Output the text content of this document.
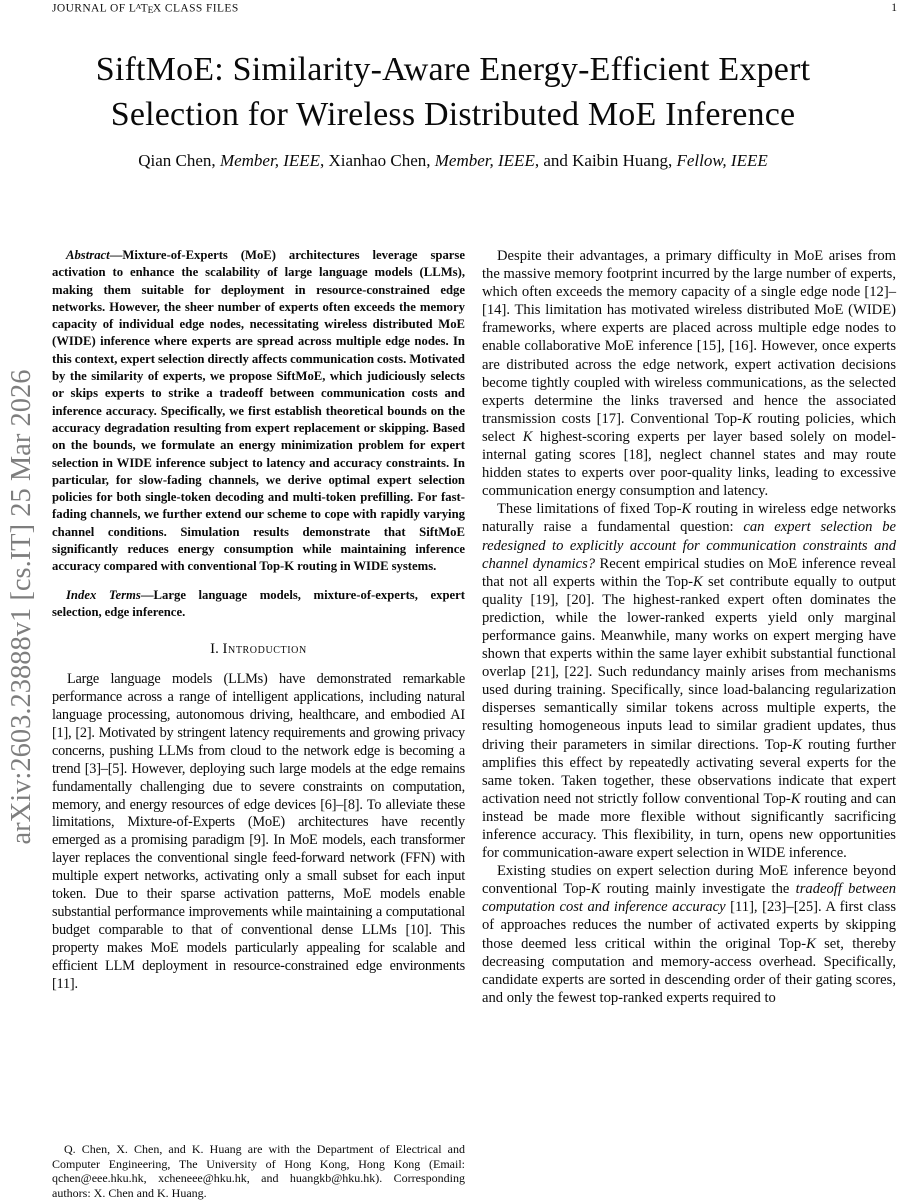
JOURNAL OF $L^ATEX$ CLASS FILES	1
arXiv:2603.23888v1 [cs.IT] 25 Mar 2026
SiftMoE: Similarity-Aware Energy-Efficient Expert
Selection for Wireless Distributed MoE Inference
Qian Chen, Member, IEEE, Xianhao Chen, Member, IEEE, and Kaibin Huang, Fellow, IEEE

Abstract—Mixture-of-Experts (MoE) architectures leverage sparse activation to enhance the scalability of large language models (LLMs), making them suitable for deployment in resource-constrained edge networks. However, the sheer number of experts often exceeds the memory capacity of individual edge nodes, necessitating wireless distributed MoE (WIDE) inference where experts are spread across multiple edge nodes. In this context, expert selection directly affects communication costs. Motivated by the similarity of experts, we propose SiftMoE, which judiciously selects or skips experts to strike a tradeoff between communication costs and inference accuracy. Specifically, we first establish theoretical bounds on the accuracy degradation resulting from expert replacement or skipping. Based on the bounds, we formulate an energy minimization problem for expert selection in WIDE inference subject to latency and accuracy constraints. In particular, for slow-fading channels, we derive optimal expert selection policies for both single-token decoding and multi-token prefilling. For fast-fading channels, we further extend our scheme to cope with rapidly varying channel conditions. Simulation results demonstrate that SiftMoE significantly reduces energy consumption while maintaining inference accuracy compared with conventional Top-K routing in WIDE systems.

Index Terms—Large language models, mixture-of-experts, expert selection, edge inference.

I. Introduction

Large language models (LLMs) have demonstrated remarkable performance across a range of intelligent applications, including natural language processing, autonomous driving, healthcare, and embodied AI [1], [2]. Motivated by stringent latency requirements and growing privacy concerns, pushing LLMs from cloud to the network edge is becoming a trend [3]–[5]. However, deploying such large models at the edge remains fundamentally challenging due to severe constraints on computation, memory, and energy resources of edge devices [6]–[8]. To alleviate these limitations, Mixture-of-Experts (MoE) architectures have recently emerged as a promising paradigm [9]. In MoE models, each transformer layer replaces the conventional single feed-forward network (FFN) with multiple expert networks, activating only a small subset for each input token. Due to their sparse activation patterns, MoE models enable substantial performance improvements while maintaining a computational budget comparable to that of conventional dense LLMs [10]. This property makes MoE models particularly appealing for scalable and efficient LLM deployment in resource-constrained edge environments [11].

Q. Chen, X. Chen, and K. Huang are with the Department of Electrical and Computer Engineering, The University of Hong Kong, Hong Kong (Email: qchen@eee.hku.hk, xcheneee@hku.hk, and huangkb@hku.hk). Corresponding authors: X. Chen and K. Huang.

Despite their advantages, a primary difficulty in MoE arises from the massive memory footprint incurred by the large number of experts, which often exceeds the memory capacity of a single edge node [12]–[14]. This limitation has motivated wireless distributed MoE (WIDE) frameworks, where experts are placed across multiple edge nodes to enable collaborative MoE inference [15], [16]. However, once experts are distributed across the edge network, expert activation decisions become tightly coupled with wireless communications, as the selected experts determine the links traversed and hence the associated transmission costs [17]. Conventional Top-K routing policies, which select K highest-scoring experts per layer based solely on model-internal gating scores [18], neglect channel states and may route hidden states to experts over poor-quality links, leading to excessive communication energy consumption and latency.

These limitations of fixed Top-K routing in wireless edge networks naturally raise a fundamental question: can expert selection be redesigned to explicitly account for communication constraints and channel dynamics? Recent empirical studies on MoE inference reveal that not all experts within the Top-K set contribute equally to output quality [19], [20]. The highest-ranked expert often dominates the prediction, while the lower-ranked experts yield only marginal performance gains. Meanwhile, many works on expert merging have shown that experts within the same layer exhibit substantial functional overlap [21], [22]. Such redundancy mainly arises from mechanisms used during training. Specifically, since load-balancing regularization disperses semantically similar tokens across multiple experts, the resulting homogeneous inputs lead to similar gradient updates, thus driving their parameters in similar directions. Top-K routing further amplifies this effect by repeatedly activating several experts for the same token. Taken together, these observations indicate that expert activation need not strictly follow conventional Top-K routing and can instead be made more flexible without significantly sacrificing inference accuracy. This flexibility, in turn, opens new opportunities for communication-aware expert selection in WIDE inference.

Existing studies on expert selection during MoE inference beyond conventional Top-K routing mainly investigate the tradeoff between computation cost and inference accuracy [11], [23]–[25]. A first class of approaches reduces the number of activated experts by skipping those deemed less critical within the original Top-K set, thereby decreasing computation and memory-access overhead. Specifically, candidate experts are sorted in descending order of their gating scores, and only the fewest top-ranked experts required to
